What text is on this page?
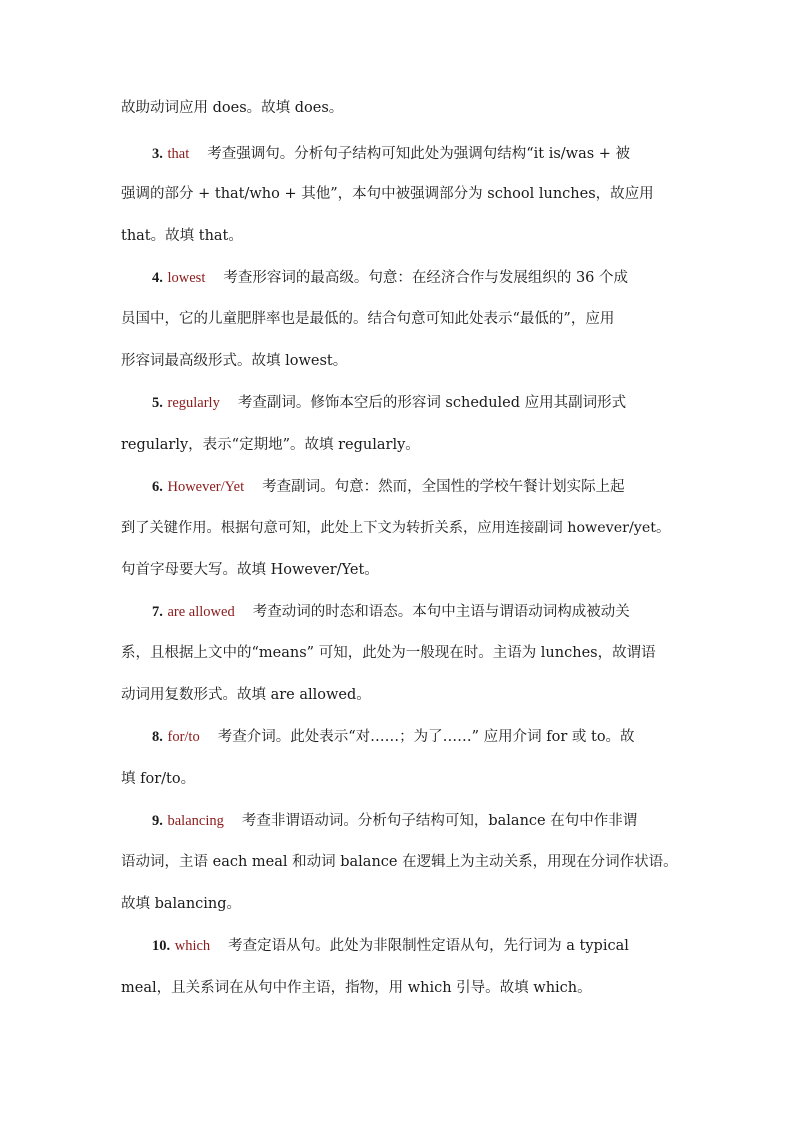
故助动词应用 does。故填 does。
3. that 考查强调句。分析句子结构可知此处为强调句结构“it is/was + 被
强调的部分 + that/who + 其他”，本句中被强调部分为 school lunches，故应用
that。故填 that。
4. lowest 考查形容词的最高级。句意：在经济合作与发展组织的 36 个成
员国中，它的儿童肥胖率也是最低的。结合句意可知此处表示“最低的”，应用
形容词最高级形式。故填 lowest。
5. regularly 考查副词。修饰本空后的形容词 scheduled 应用其副词形式
regularly，表示“定期地”。故填 regularly。
6. However/Yet 考查副词。句意：然而，全国性的学校午餐计划实际上起
到了关键作用。根据句意可知，此处上下文为转折关系，应用连接副词 however/yet。
句首字母要大写。故填 However/Yet。
7. are allowed 考查动词的时态和语态。本句中主语与谓语动词构成被动关
系，且根据上文中的“means” 可知，此处为一般现在时。主语为 lunches，故谓语
动词用复数形式。故填 are allowed。
8. for/to 考查介词。此处表示“对……；为了……” 应用介词 for 或 to。故
填 for/to。
9. balancing 考查非谓语动词。分析句子结构可知，balance 在句中作非谓
语动词，主语 each meal 和动词 balance 在逻辑上为主动关系，用现在分词作状语。
故填 balancing。
10. which 考查定语从句。此处为非限制性定语从句，先行词为 a typical
meal，且关系词在从句中作主语，指物，用 which 引导。故填 which。
